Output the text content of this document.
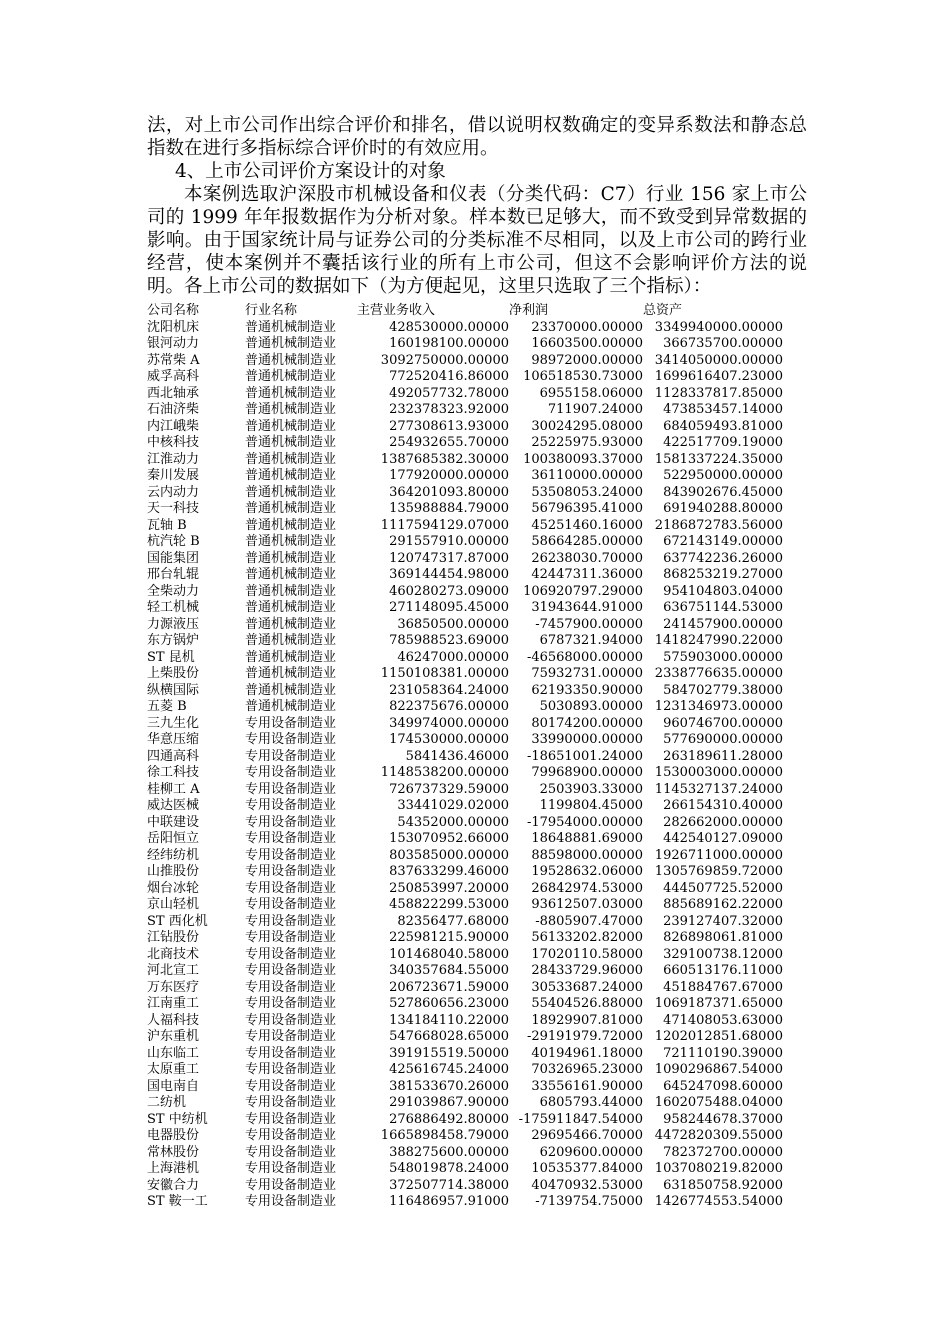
法，对上市公司作出综合评价和排名，借以说明权数确定的变异系数法和静态总指数在进行多指标综合评价时的有效应用。

4、上市公司评价方案设计的对象

本案例选取沪深股市机械设备和仪表（分类代码：C7）行业 156 家上市公司的 1999 年年报数据作为分析对象。样本数已足够大，而不致受到异常数据的影响。由于国家统计局与证券公司的分类标准不尽相同，以及上市公司的跨行业经营，使本案例并不囊括该行业的所有上市公司，但这不会影响评价方法的说明。各上市公司的数据如下（为方便起见，这里只选取了三个指标）：

公司名称	行业名称	主营业务收入	净利润	总资产
沈阳机床	普通机械制造业	428530000.00000	23370000.00000	3349940000.00000
银河动力	普通机械制造业	160198100.00000	16603500.00000	366735700.00000
苏常柴 A	普通机械制造业	3092750000.00000	98972000.00000	3414050000.00000
威孚高科	普通机械制造业	772520416.86000	106518530.73000	1699616407.23000
西北轴承	普通机械制造业	492057732.78000	6955158.06000	1128337817.85000
石油济柴	普通机械制造业	232378323.92000	711907.24000	473853457.14000
内江峨柴	普通机械制造业	277308613.93000	30024295.08000	684059493.81000
中核科技	普通机械制造业	254932655.70000	25225975.93000	422517709.19000
江淮动力	普通机械制造业	1387685382.30000	100380093.37000	1581337224.35000
秦川发展	普通机械制造业	177920000.00000	36110000.00000	522950000.00000
云内动力	普通机械制造业	364201093.80000	53508053.24000	843902676.45000
天一科技	普通机械制造业	135988884.79000	56796395.41000	691940288.80000
瓦轴 B	普通机械制造业	1117594129.07000	45251460.16000	2186872783.56000
杭汽轮 B	普通机械制造业	291557910.00000	58664285.00000	672143149.00000
国能集团	普通机械制造业	120747317.87000	26238030.70000	637742236.26000
邢台轧辊	普通机械制造业	369144454.98000	42447311.36000	868253219.27000
全柴动力	普通机械制造业	460280273.09000	106920797.29000	954104803.04000
轻工机械	普通机械制造业	271148095.45000	31943644.91000	636751144.53000
力源液压	普通机械制造业	36850500.00000	-7457900.00000	241457900.00000
东方锅炉	普通机械制造业	785988523.69000	6787321.94000	1418247990.22000
ST 昆机	普通机械制造业	46247000.00000	-46568000.00000	575903000.00000
上柴股份	普通机械制造业	1150108381.00000	75932731.00000	2338776635.00000
纵横国际	普通机械制造业	231058364.24000	62193350.90000	584702779.38000
五菱 B	普通机械制造业	822375676.00000	5030893.00000	1231346973.00000
三九生化	专用设备制造业	349974000.00000	80174200.00000	960746700.00000
华意压缩	专用设备制造业	174530000.00000	33990000.00000	577690000.00000
四通高科	专用设备制造业	5841436.46000	-18651001.24000	263189611.28000
徐工科技	专用设备制造业	1148538200.00000	79968900.00000	1530003000.00000
桂柳工 A	专用设备制造业	726737329.59000	2503903.33000	1145327137.24000
威达医械	专用设备制造业	33441029.02000	1199804.45000	266154310.40000
中联建设	专用设备制造业	54352000.00000	-17954000.00000	282662000.00000
岳阳恒立	专用设备制造业	153070952.66000	18648881.69000	442540127.09000
经纬纺机	专用设备制造业	803585000.00000	88598000.00000	1926711000.00000
山推股份	专用设备制造业	837633299.46000	19528632.06000	1305769859.72000
烟台冰轮	专用设备制造业	250853997.20000	26842974.53000	444507725.52000
京山轻机	专用设备制造业	458822299.53000	93612507.03000	885689162.22000
ST 西化机	专用设备制造业	82356477.68000	-8805907.47000	239127407.32000
江钻股份	专用设备制造业	225981215.90000	56133202.82000	826898061.81000
北商技术	专用设备制造业	101468040.58000	17020110.58000	329100738.12000
河北宣工	专用设备制造业	340357684.55000	28433729.96000	660513176.11000
万东医疗	专用设备制造业	206723671.59000	30533687.24000	451884767.67000
江南重工	专用设备制造业	527860656.23000	55404526.88000	1069187371.65000
人福科技	专用设备制造业	134184110.22000	18929907.81000	471408053.63000
沪东重机	专用设备制造业	547668028.65000	-29191979.72000	1202012851.68000
山东临工	专用设备制造业	391915519.50000	40194961.18000	721110190.39000
太原重工	专用设备制造业	425616745.24000	70326965.23000	1090296867.54000
国电南自	专用设备制造业	381533670.26000	33556161.90000	645247098.60000
二纺机	专用设备制造业	291039867.90000	6805793.44000	1602075488.04000
ST 中纺机	专用设备制造业	276886492.80000	-175911847.54000	958244678.37000
电器股份	专用设备制造业	1665898458.79000	29695466.70000	4472820309.55000
常林股份	专用设备制造业	388275600.00000	6209600.00000	782372700.00000
上海港机	专用设备制造业	548019878.24000	10535377.84000	1037080219.82000
安徽合力	专用设备制造业	372507714.38000	40470932.53000	631850758.92000
ST 鞍一工	专用设备制造业	116486957.91000	-7139754.75000	1426774553.54000
